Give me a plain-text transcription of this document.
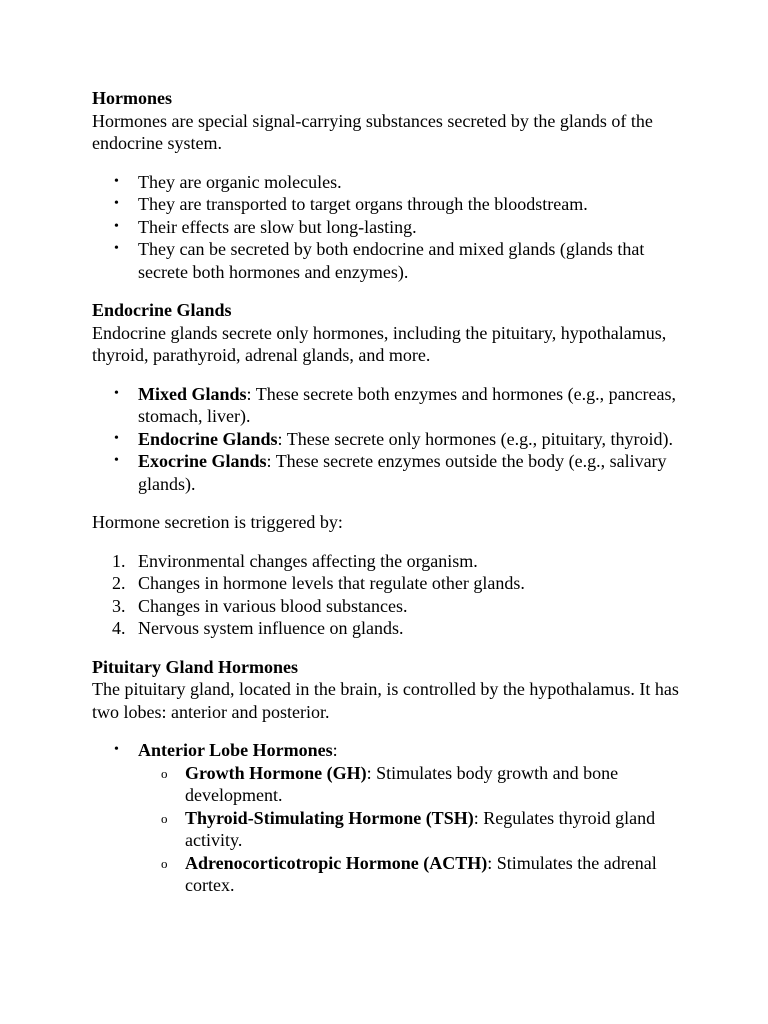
Hormones

Hormones are special signal-carrying substances secreted by the glands of the endocrine system.

• They are organic molecules.
• They are transported to target organs through the bloodstream.
• Their effects are slow but long-lasting.
• They can be secreted by both endocrine and mixed glands (glands that secrete both hormones and enzymes).
Endocrine Glands

Endocrine glands secrete only hormones, including the pituitary, hypothalamus, thyroid, parathyroid, adrenal glands, and more.

• Mixed Glands: These secrete both enzymes and hormones (e.g., pancreas, stomach, liver).
• Endocrine Glands: These secrete only hormones (e.g., pituitary, thyroid).
• Exocrine Glands: These secrete enzymes outside the body (e.g., salivary glands).

Hormone secretion is triggered by:

1. Environmental changes affecting the organism.
2. Changes in hormone levels that regulate other glands.
3. Changes in various blood substances.
4. Nervous system influence on glands.
Pituitary Gland Hormones

The pituitary gland, located in the brain, is controlled by the hypothalamus. It has two lobes: anterior and posterior.

• Anterior Lobe Hormones:
o Growth Hormone (GH): Stimulates body growth and bone development.
o Thyroid-Stimulating Hormone (TSH): Regulates thyroid gland activity.
o Adrenocorticotropic Hormone (ACTH): Stimulates the adrenal cortex.
